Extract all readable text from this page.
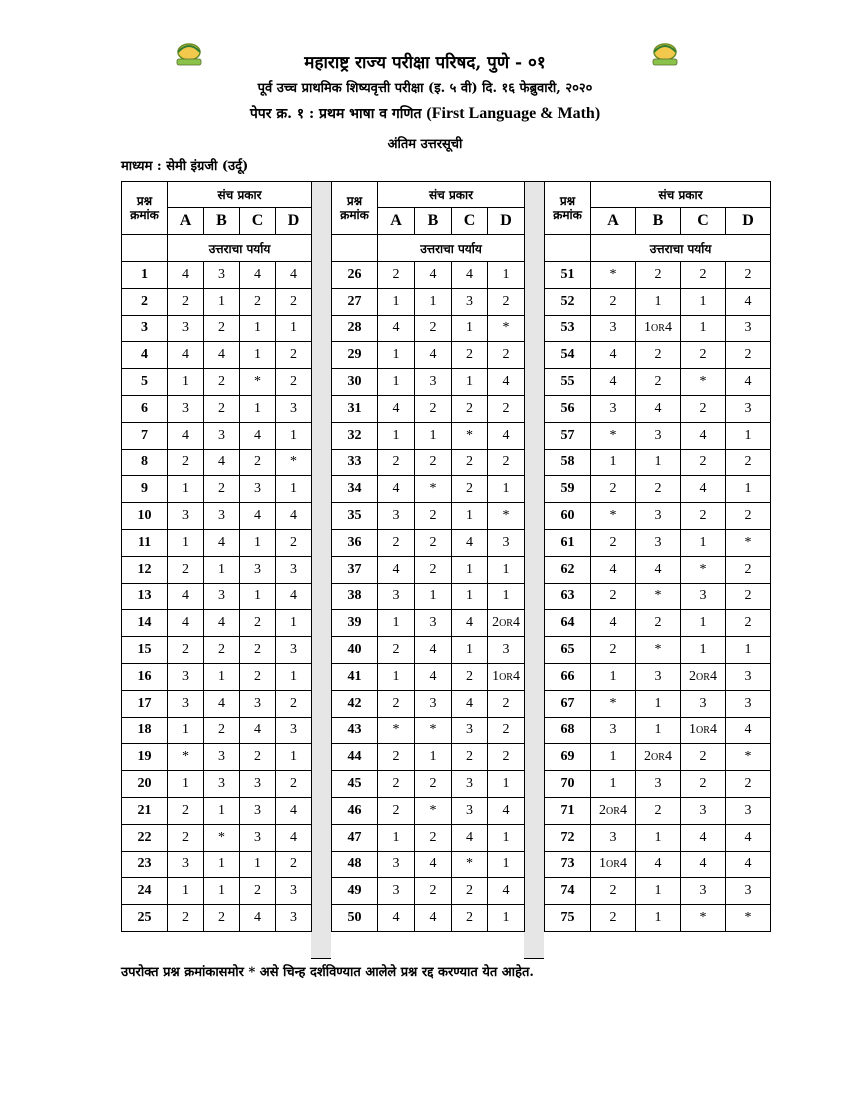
महाराष्ट्र राज्य परीक्षा परिषद, पुणे - ०१
पूर्व उच्च प्राथमिक शिष्यवृत्ती परीक्षा (इ. ५ वी) दि. १६ फेब्रुवारी, २०२०
पेपर क्र. १ : प्रथम भाषा व गणित (First Language & Math)
अंतिम उत्तरसूची
माध्यम : सेमी इंग्रजी (उर्दू)
प्रश्न क्रमांक	संच प्रकार			
	A	B	C	D
	उत्तराचा पर्याय			
1	4	3	4	4
2	2	1	2	2
3	3	2	1	1
4	4	4	1	2
5	1	2	*	2
6	3	2	1	3
7	4	3	4	1
8	2	4	2	*
9	1	2	3	1
10	3	3	4	4
11	1	4	1	2
12	2	1	3	3
13	4	3	1	4
14	4	4	2	1
15	2	2	2	3
16	3	1	2	1
17	3	4	3	2
18	1	2	4	3
19	*	3	2	1
20	1	3	3	2
21	2	1	3	4
22	2	*	3	4
23	3	1	1	2
24	1	1	2	3
25	2	2	4	3
प्रश्न क्रमांक	संच प्रकार			
	A	B	C	D
	उत्तराचा पर्याय			
26	2	4	4	1
27	1	1	3	2
28	4	2	1	*
29	1	4	2	2
30	1	3	1	4
31	4	2	2	2
32	1	1	*	4
33	2	2	2	2
34	4	*	2	1
35	3	2	1	*
36	2	2	4	3
37	4	2	1	1
38	3	1	1	1
39	1	3	4	2OR4
40	2	4	1	3
41	1	4	2	1OR4
42	2	3	4	2
43	*	*	3	2
44	2	1	2	2
45	2	2	3	1
46	2	*	3	4
47	1	2	4	1
48	3	4	*	1
49	3	2	2	4
50	4	4	2	1
प्रश्न क्रमांक	संच प्रकार			
	A	B	C	D
	उत्तराचा पर्याय			
51	*	2	2	2
52	2	1	1	4
53	3	1OR4	1	3
54	4	2	2	2
55	4	2	*	4
56	3	4	2	3
57	*	3	4	1
58	1	1	2	2
59	2	2	4	1
60	*	3	2	2
61	2	3	1	*
62	4	4	*	2
63	2	*	3	2
64	4	2	1	2
65	2	*	1	1
66	1	3	2OR4	3
67	*	1	3	3
68	3	1	1OR4	4
69	1	2OR4	2	*
70	1	3	2	2
71	2OR4	2	3	3
72	3	1	4	4
73	1OR4	4	4	4
74	2	1	3	3
75	2	1	*	*
उपरोक्त प्रश्न क्रमांकासमोर * असे चिन्ह दर्शविण्यात आलेले प्रश्न रद्द करण्यात येत आहेत.
